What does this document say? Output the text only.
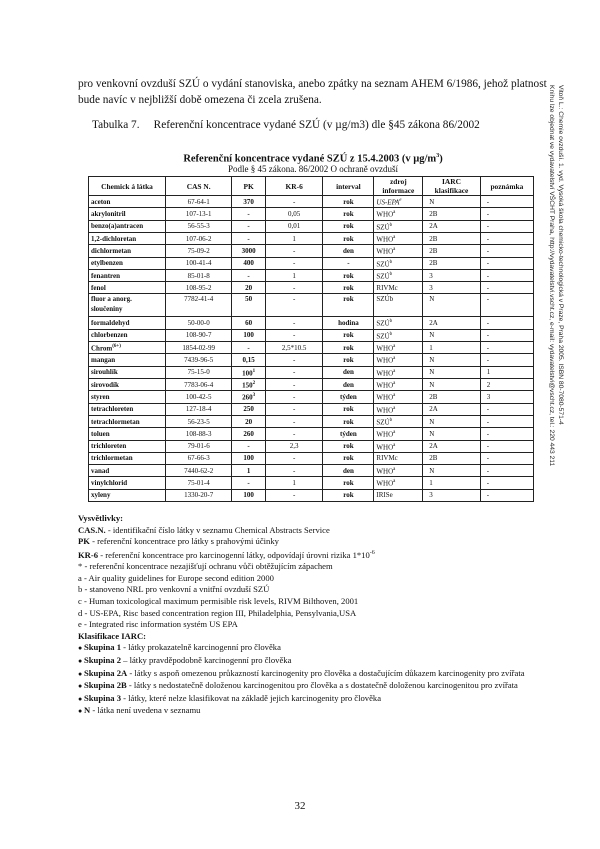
pro venkovní ovzduší SZÚ o vydání stanoviska, anebo zpátky na seznam AHEM 6/1986, jehož platnost bude navíc v nejbližší době omezena či zcela zrušena.
Tabulka 7. Referenční koncentrace vydané SZÚ (v µg/m3) dle §45 zákona 86/2002
Referenční koncentrace vydané SZÚ z 15.4.2003 (v $\mu g/m^3$)
Podle § 45 zákona. 86/2002 O ochraně ovzduší
Chemick á látka	CAS N.	PK	KR-6	interval	zdroj informace	IARC klasifikace	poznámka
aceton	67-64-1	370	-	rok	US-EPA$^e$	N	-
akrylonitril	107-13-1	-	0,05	rok	WHO$^a$	2B	-
benzo(a)antracen	56-55-3	-	0,01	rok	SZÚ$^b$	2A	-
1,2-dichloretan	107-06-2	-	1	rok	WHO$^a$	2B	-
dichlormetan	75-09-2	3000	-	den	WHO$^a$	2B	-
etylbenzen	100-41-4	400	-	-	SZÚ$^b$	2B	-
fenantren	85-01-8	-	1	rok	SZÚ$^b$	3	-
fenol	108-95-2	20	-	rok	RIVMc	3	-
fluor a anorg. sloučeniny	7782-41-4	50	-	rok	SZÚb	N	-
formaldehyd	50-00-0	60	-	hodina	SZÚ$^b$	2A	-
chlorbenzen	108-90-7	100	-	rok	SZÚ$^b$	N	-
Chrom$^{(6+)}$	1854-02-99	-	2,5*10.5	rok	WHO$^a$	1	-
mangan	7439-96-5	0,15	-	rok	WHO$^a$	N	-
sirouhlík	75-15-0	$100^1$	-	den	WHO$^a$	N	1
sirovodík	7783-06-4	$150^2$	-	den	WHO$^a$	N	2
styren	100-42-5	$260^3$	-	týden	WHO$^a$	2B	3
tetrachloreten	127-18-4	250	-	rok	WHO$^a$	2A	-
tetrachlormetan	56-23-5	20	-	rok	SZÚ$^b$	N	-
toluen	108-88-3	260	-	týden	WHO$^a$	N	-
trichloreten	79-01-6	-	2,3	rok	WHO$^a$	2A	-
trichlormetan	67-66-3	100	-	rok	RIVMc	2B	-
vanad	7440-62-2	1	-	den	WHO$^a$	N	-
vinylchlorid	75-01-4	-	1	rok	WHO$^a$	1	-
xyleny	1330-20-7	100	-	rok	IRISe	3	-
Vysvětlivky:
CAS.N. - identifikační číslo látky v seznamu Chemical Abstracts Service
PK - referenční koncentrace pro látky s prahovými účinky
KR-6 - referenční koncentrace pro karcinogenní látky, odpovídají úrovni rizika $1*10^{-6}$
* - referenční koncentrace nezajišťují ochranu vůči obtěžujícím zápachem
a - Air quality guidelines for Europe second edition 2000
b - stanoveno NRL pro venkovní a vnitřní ovzduší SZÚ
c - Human toxicological maximum permisible risk levels, RIVM Bilthoven, 2001
d - US-EPA, Risc based concentration region III, Philadelphia, Pensylvania,USA
e - Integrated risc information systém US EPA
Klasifikace IARC:
● Skupina 1 - látky prokazatelně karcinogenní pro člověka
● Skupina 2 – látky pravděpodobně karcinogenní pro člověka
● Skupina 2A - látky s aspoň omezenou průkazností karcinogenity pro člověka a dostačujícím důkazem karcinogenity pro zvířata
● Skupina 2B - látky s nedostatečně doloženou karcinogenitou pro člověka a s dostatečně doloženou karcinogenitou pro zvířata
● Skupina 3 - látky, které nelze klasifikovat na základě jejich karcinogenity pro člověka
● N - látka není uvedena v seznamu
32
Vitoň L.: Chemie ovzduší. 1. vyd. Vysoká škola chemicko-technologická v Praze, Praha 2005. ISBN 80-7080-571-4
Knihu lze objednat ve vydavatelství VŠCHT Praha, http://vydavatelstvi.vscht.cz, e-mail: vydavatelstvi@vscht.cz, tel.: 220 443 211
